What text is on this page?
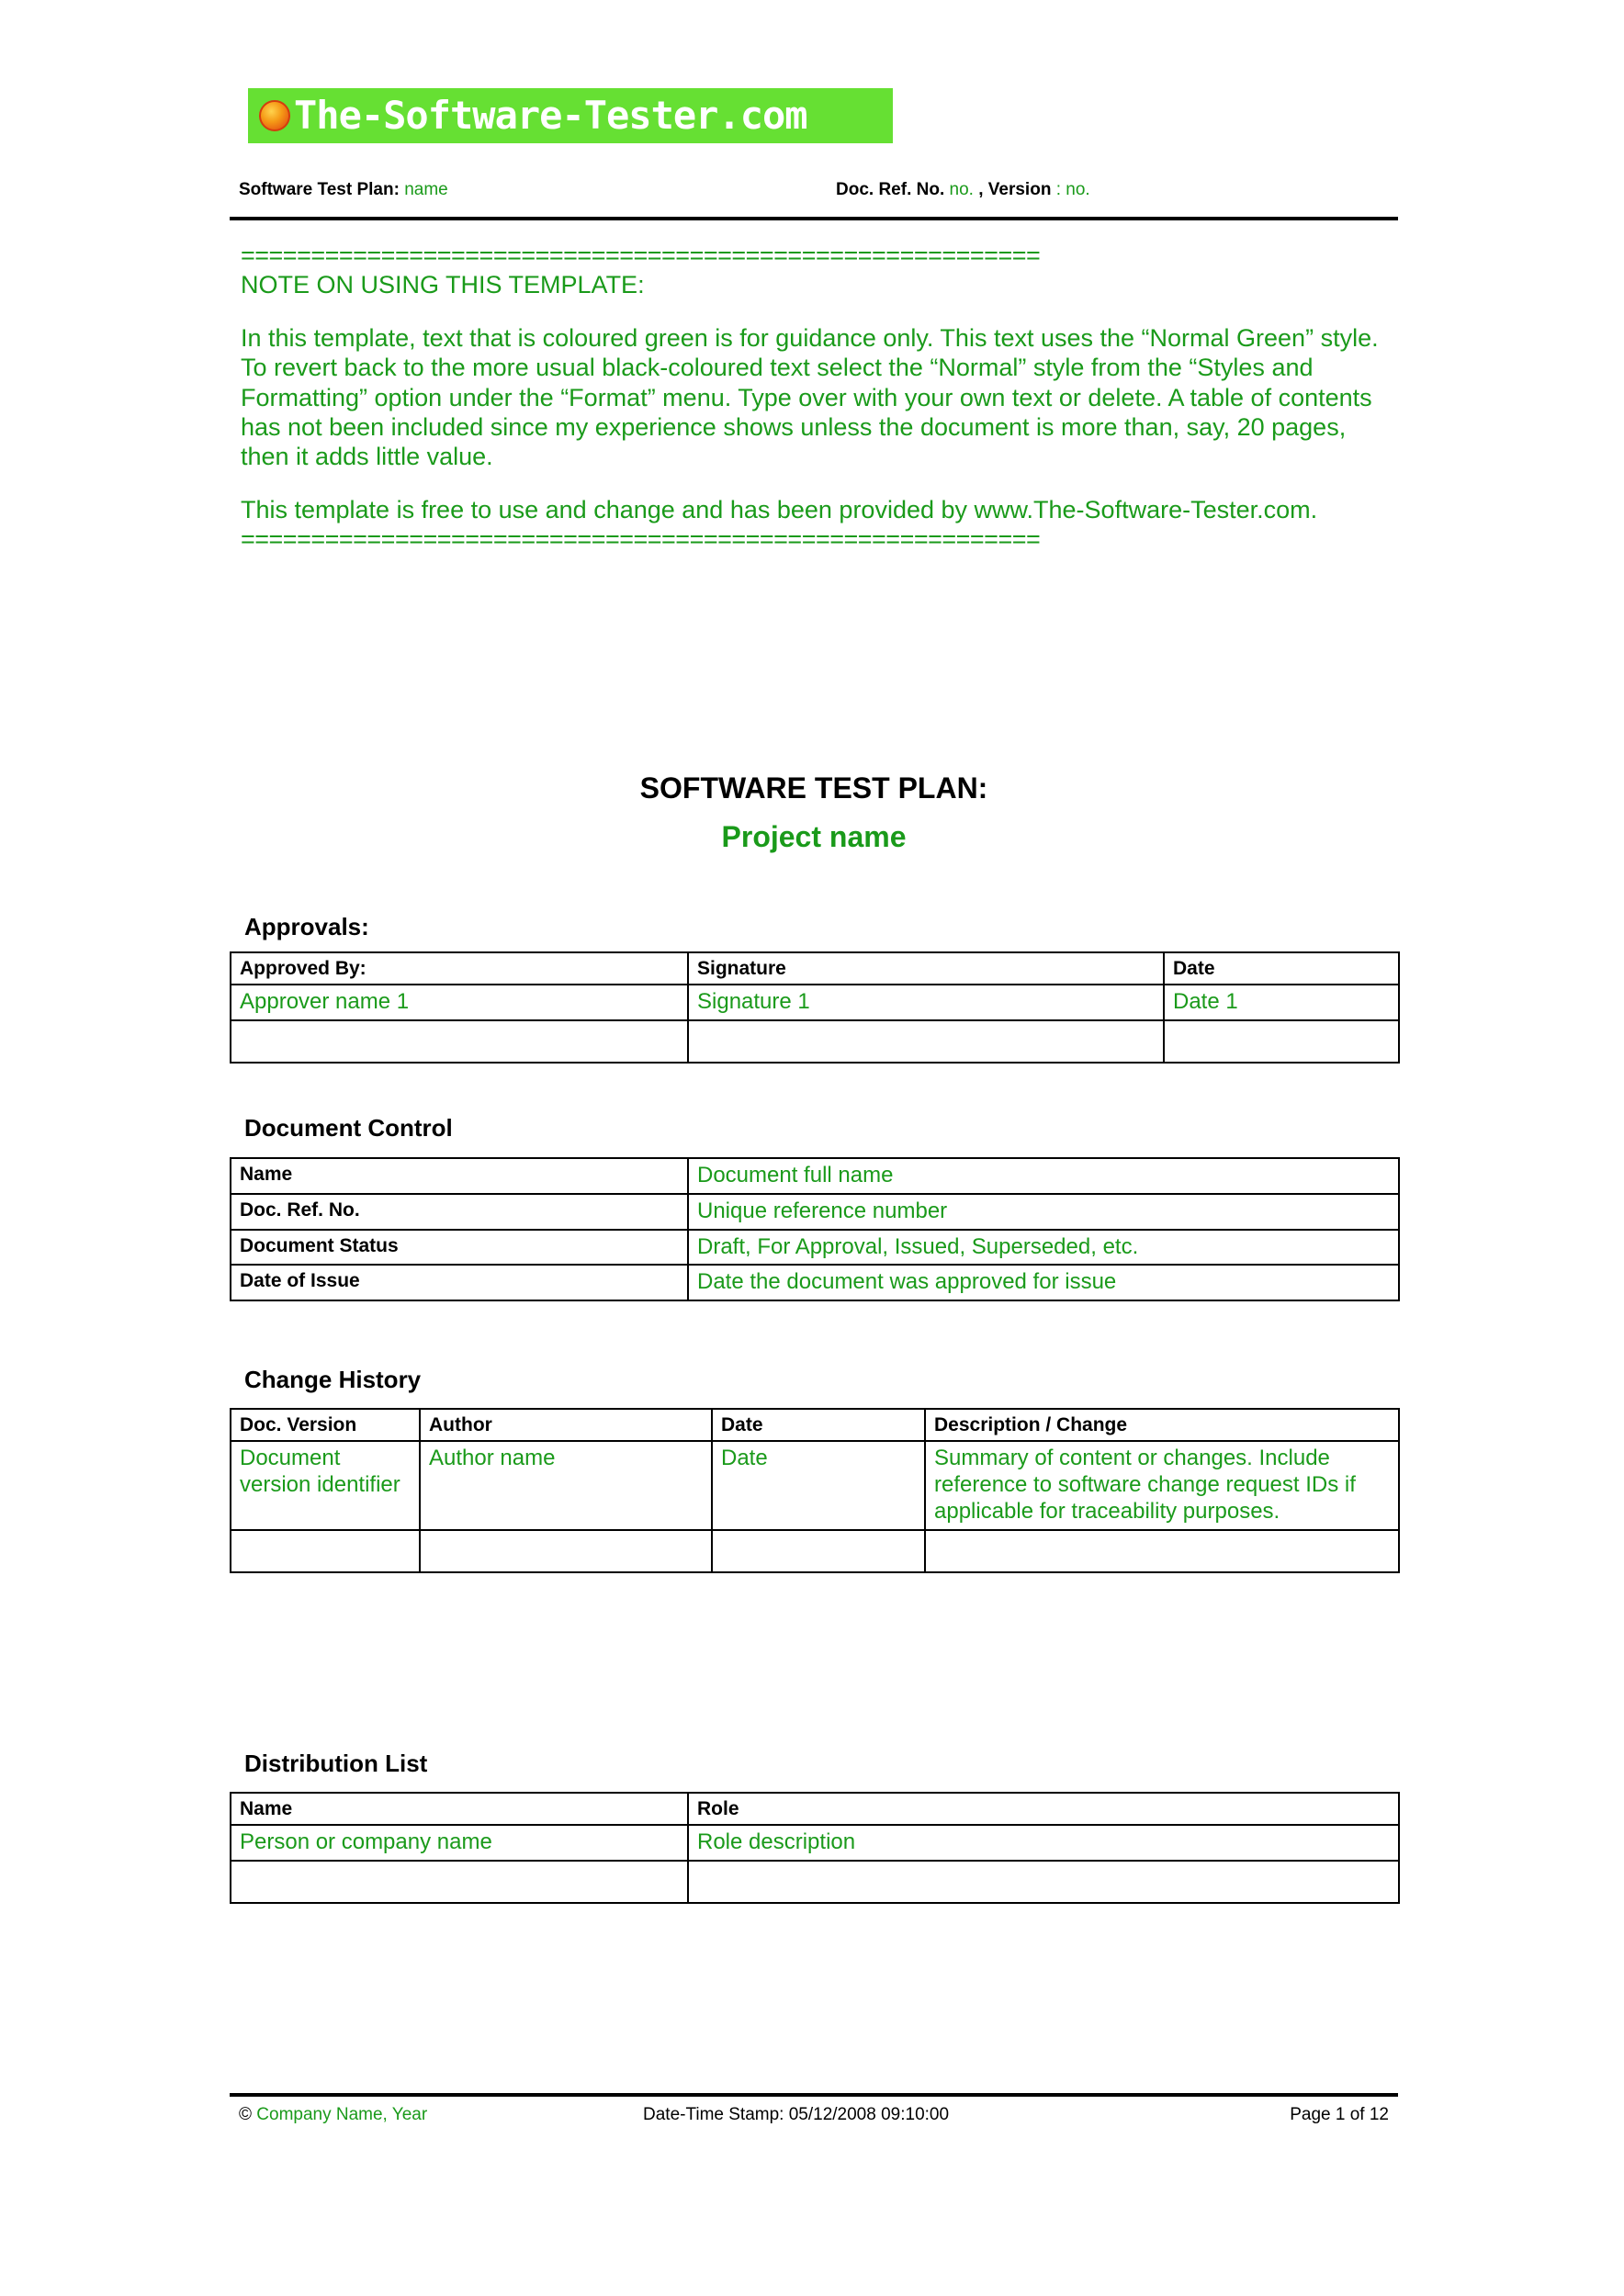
The-Software-Tester.com
Software Test Plan: name	Doc. Ref. No. no. , Version : no.
=========================================================

NOTE ON USING THIS TEMPLATE:

In this template, text that is coloured green is for guidance only. This text uses the “Normal Green” style. To revert back to the more usual black-coloured text select the “Normal” style from the “Styles and Formatting” option under the “Format” menu. Type over with your own text or delete. A table of contents has not been included since my experience shows unless the document is more than, say, 20 pages, then it adds little value.

This template is free to use and change and has been provided by www.The-Software-Tester.com.

=========================================================
SOFTWARE TEST PLAN:
Project name
Approvals:
Approved By:	Signature	Date
Approver name 1	Signature 1	Date 1

Document Control
Name	Document full name
Doc. Ref. No.	Unique reference number
Document Status	Draft, For Approval, Issued, Superseded, etc.
Date of Issue	Date the document was approved for issue
Change History
Doc. Version	Author	Date	Description / Change
Document version identifier	Author name	Date	Summary of content or changes. Include reference to software change request IDs if applicable for traceability purposes.

Distribution List
Name	Role
Person or company name	Role description

© Company Name, Year	Date-Time Stamp: 05/12/2008 09:10:00	Page 1 of 12
